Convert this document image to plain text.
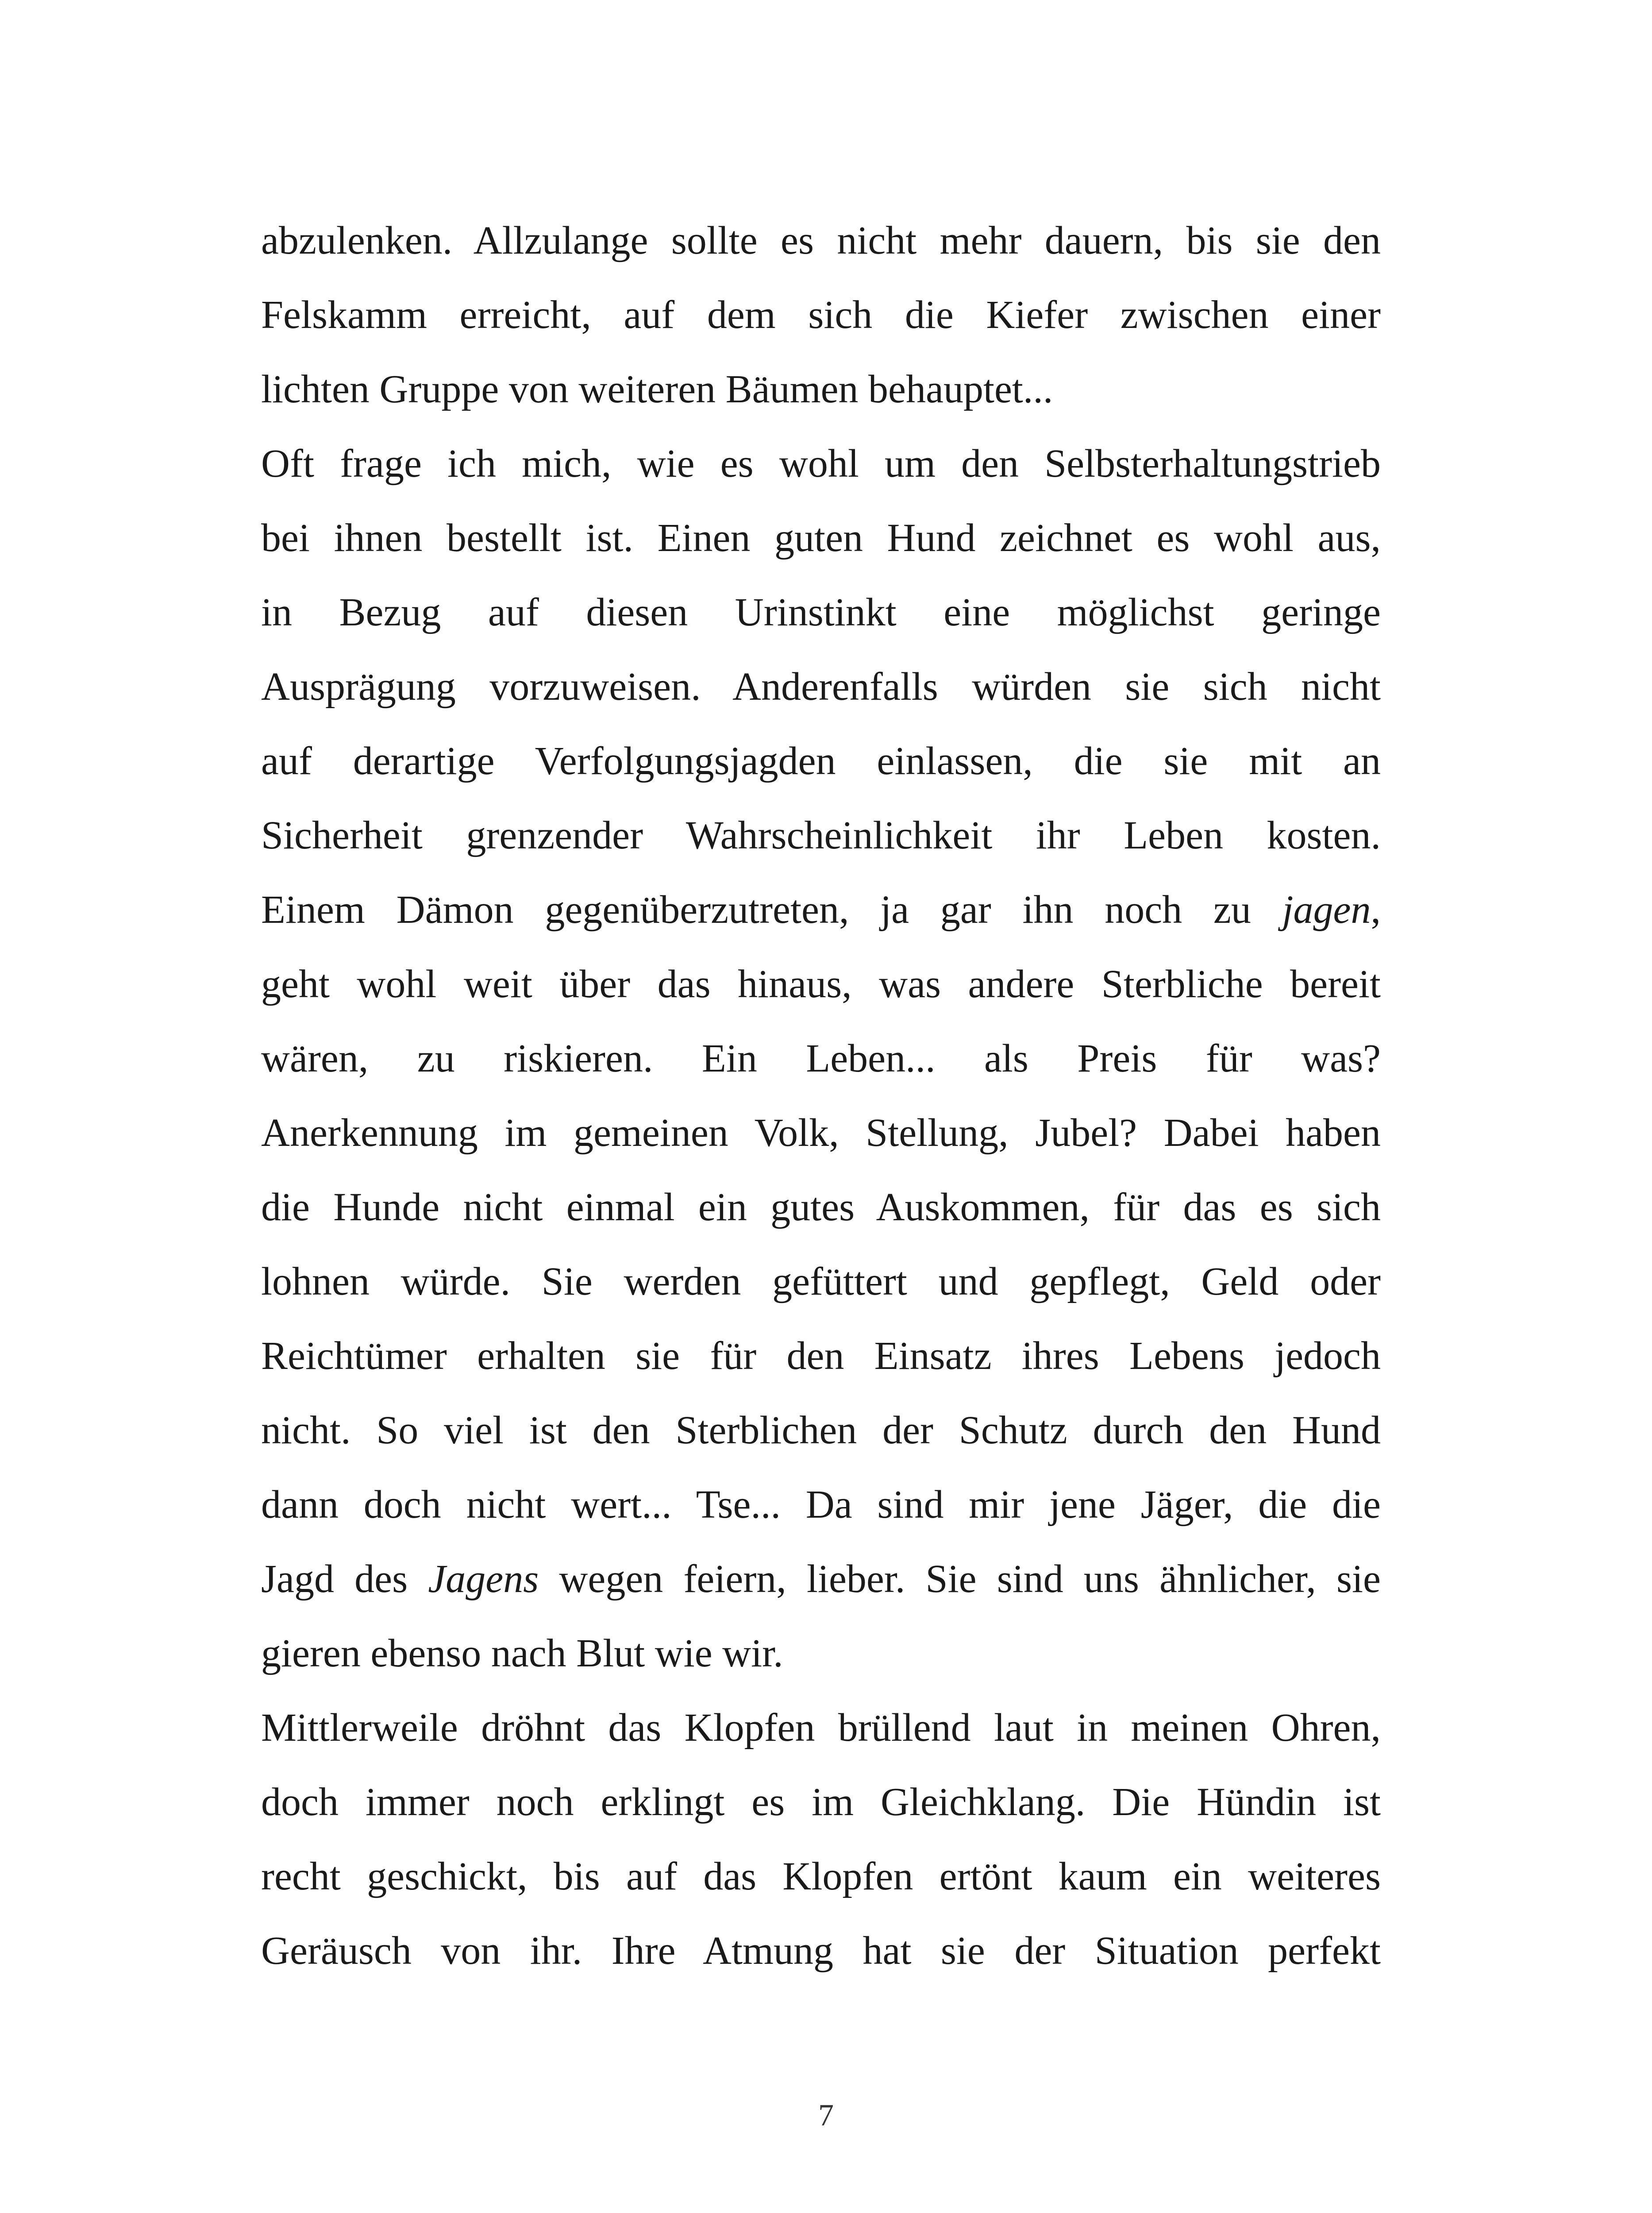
abzulenken. Allzulange sollte es nicht mehr dauern, bis sie den
Felskamm erreicht, auf dem sich die Kiefer zwischen einer
lichten Gruppe von weiteren Bäumen behauptet...
Oft frage ich mich, wie es wohl um den Selbsterhaltungstrieb
bei ihnen bestellt ist. Einen guten Hund zeichnet es wohl aus,
in Bezug auf diesen Urinstinkt eine möglichst geringe
Ausprägung vorzuweisen. Anderenfalls würden sie sich nicht
auf derartige Verfolgungsjagden einlassen, die sie mit an
Sicherheit grenzender Wahrscheinlichkeit ihr Leben kosten.
Einem Dämon gegenüberzutreten, ja gar ihn noch zu jagen,
geht wohl weit über das hinaus, was andere Sterbliche bereit
wären, zu riskieren. Ein Leben... als Preis für was?
Anerkennung im gemeinen Volk, Stellung, Jubel? Dabei haben
die Hunde nicht einmal ein gutes Auskommen, für das es sich
lohnen würde. Sie werden gefüttert und gepflegt, Geld oder
Reichtümer erhalten sie für den Einsatz ihres Lebens jedoch
nicht. So viel ist den Sterblichen der Schutz durch den Hund
dann doch nicht wert... Tse... Da sind mir jene Jäger, die die
Jagd des Jagens wegen feiern, lieber. Sie sind uns ähnlicher, sie
gieren ebenso nach Blut wie wir.
Mittlerweile dröhnt das Klopfen brüllend laut in meinen Ohren,
doch immer noch erklingt es im Gleichklang. Die Hündin ist
recht geschickt, bis auf das Klopfen ertönt kaum ein weiteres
Geräusch von ihr. Ihre Atmung hat sie der Situation perfekt
7
